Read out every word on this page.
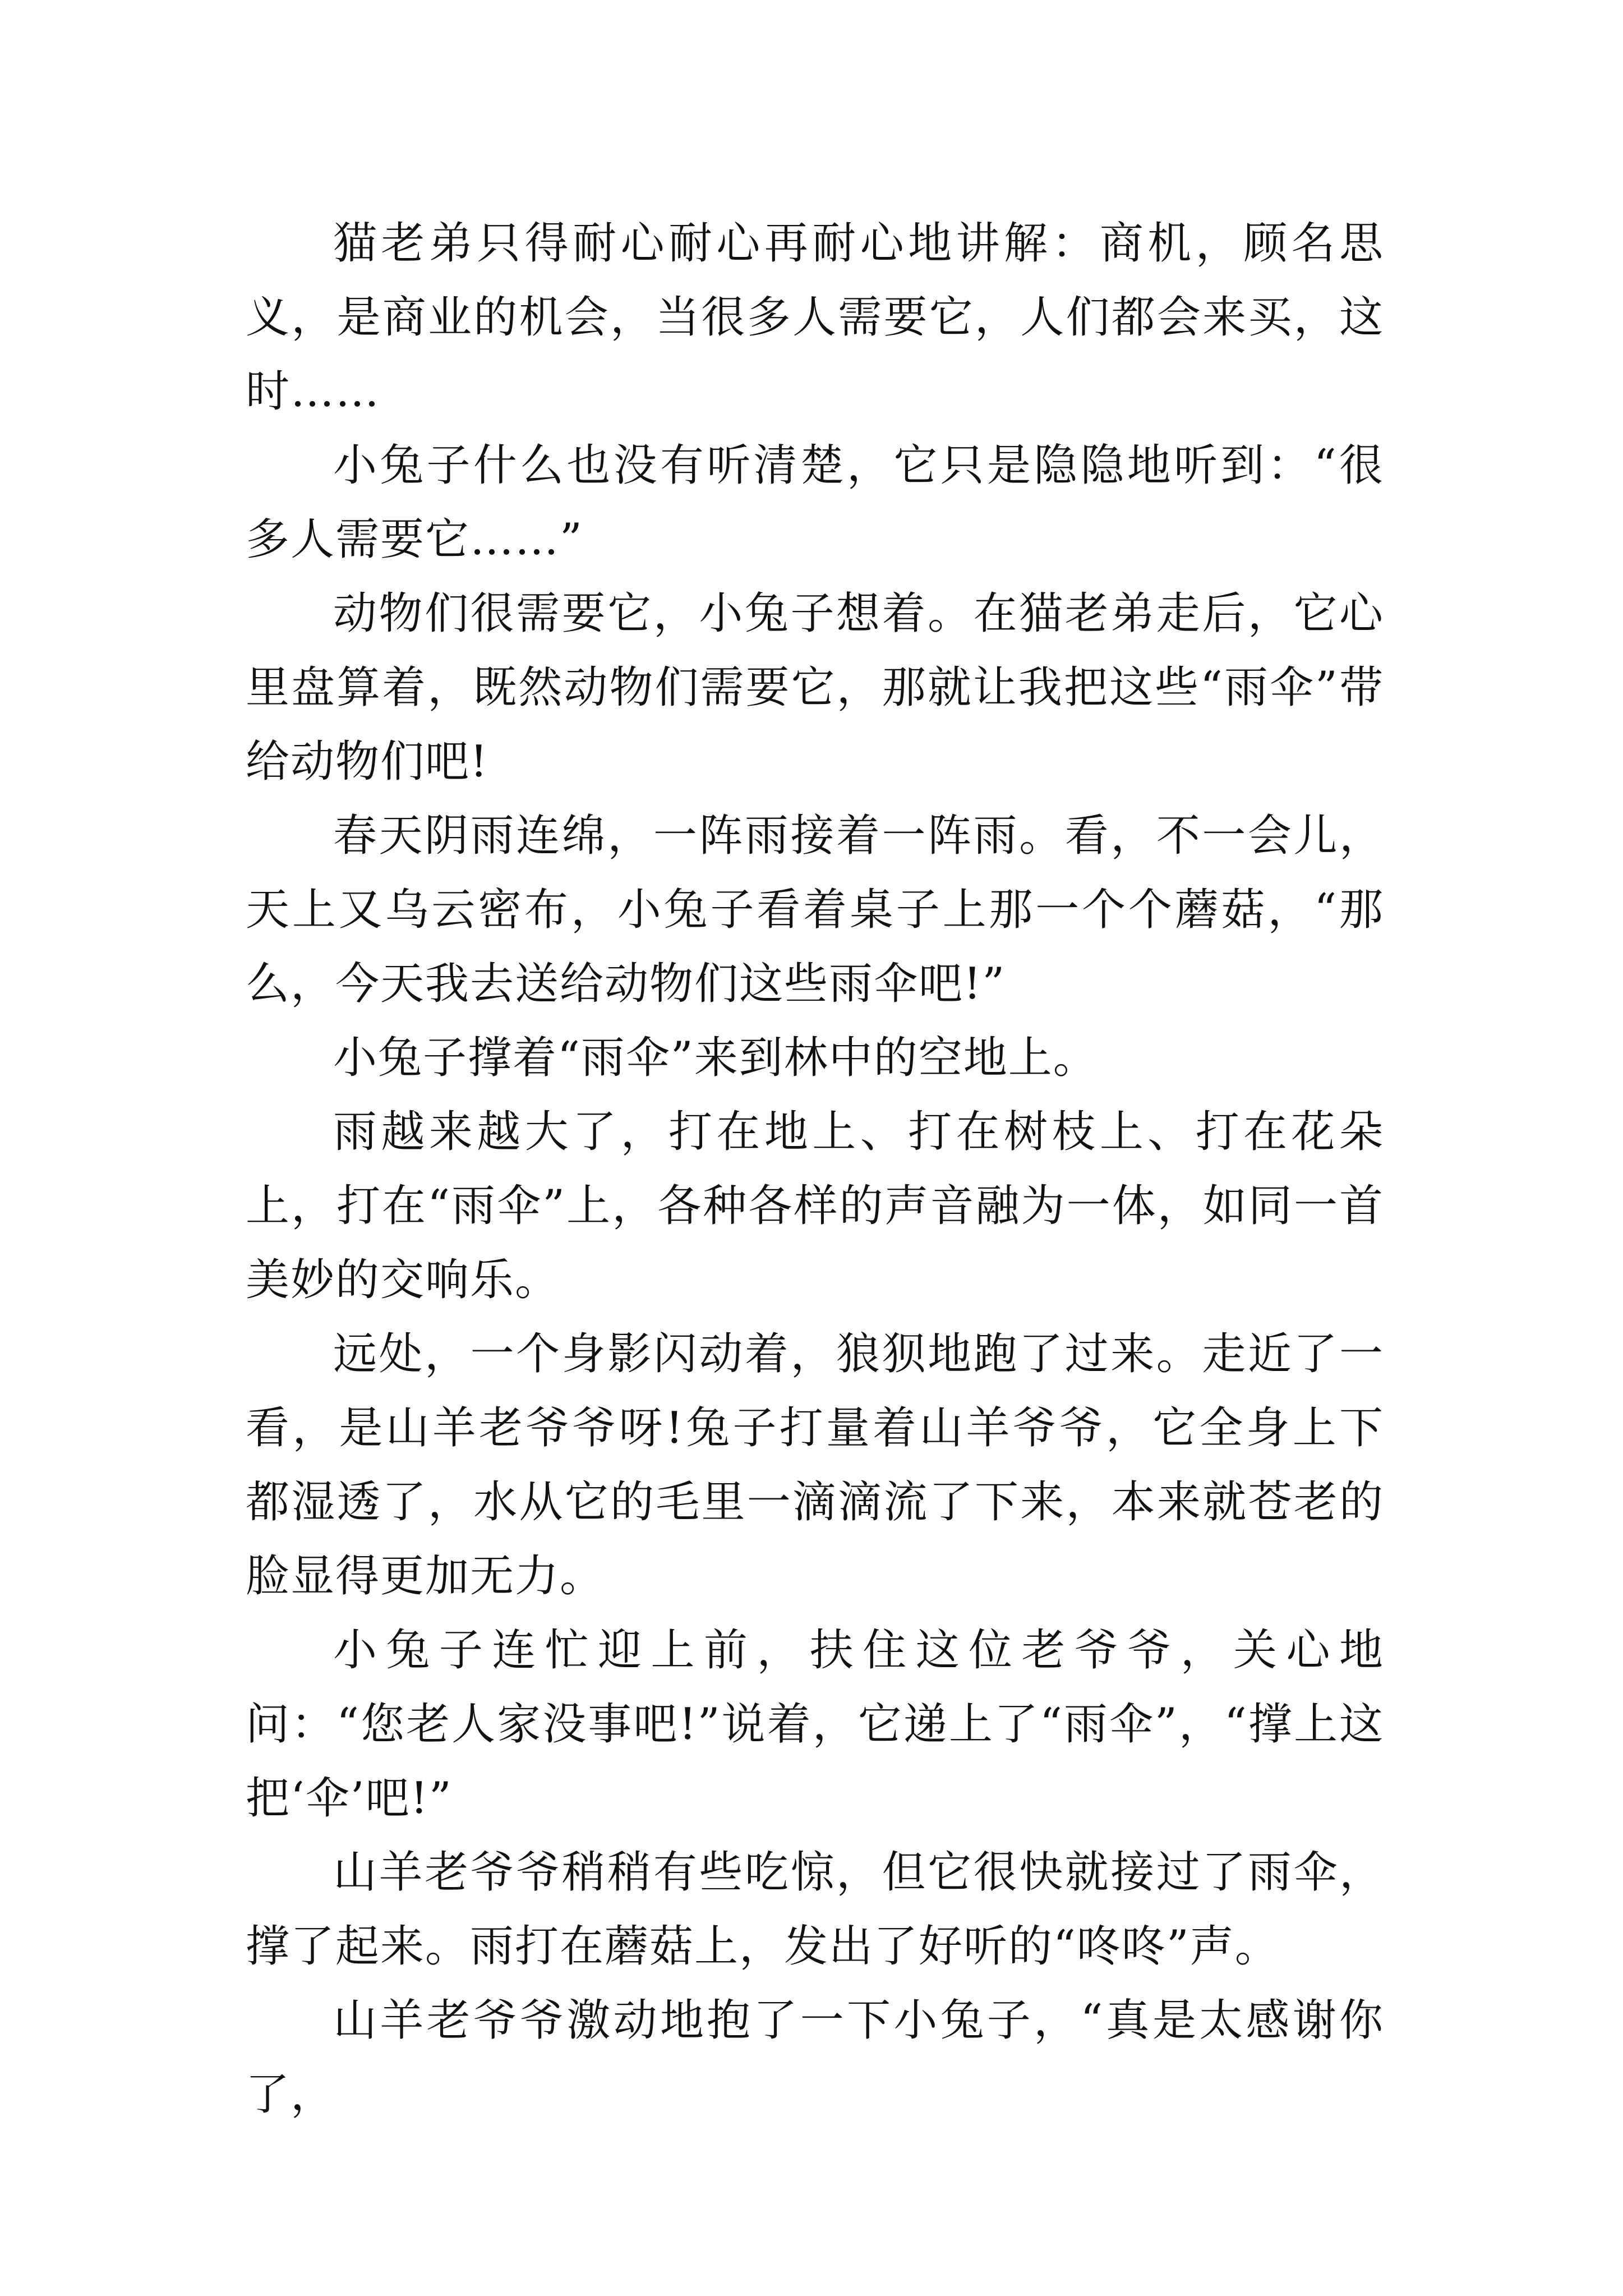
猫老弟只得耐心耐心再耐心地讲解：商机，顾名思义，是商业的机会，当很多人需要它，人们都会来买，这时……

小兔子什么也没有听清楚，它只是隐隐地听到：“很多人需要它……”

动物们很需要它，小兔子想着。在猫老弟走后，它心里盘算着，既然动物们需要它，那就让我把这些“雨伞”带给动物们吧!

春天阴雨连绵，一阵雨接着一阵雨。看，不一会儿，天上又乌云密布，小兔子看着桌子上那一个个蘑菇，“那么，今天我去送给动物们这些雨伞吧!”

小兔子撑着“雨伞”来到林中的空地上。

雨越来越大了，打在地上、打在树枝上、打在花朵上，打在“雨伞”上，各种各样的声音融为一体，如同一首美妙的交响乐。

远处，一个身影闪动着，狼狈地跑了过来。走近了一看，是山羊老爷爷呀!兔子打量着山羊爷爷，它全身上下都湿透了，水从它的毛里一滴滴流了下来，本来就苍老的脸显得更加无力。

小兔子连忙迎上前，扶住这位老爷爷，关心地问：“您老人家没事吧!”说着，它递上了“雨伞”，“撑上这把‘伞’吧!”

山羊老爷爷稍稍有些吃惊，但它很快就接过了雨伞，撑了起来。雨打在蘑菇上，发出了好听的“咚咚”声。

山羊老爷爷激动地抱了一下小兔子，“真是太感谢你了，
